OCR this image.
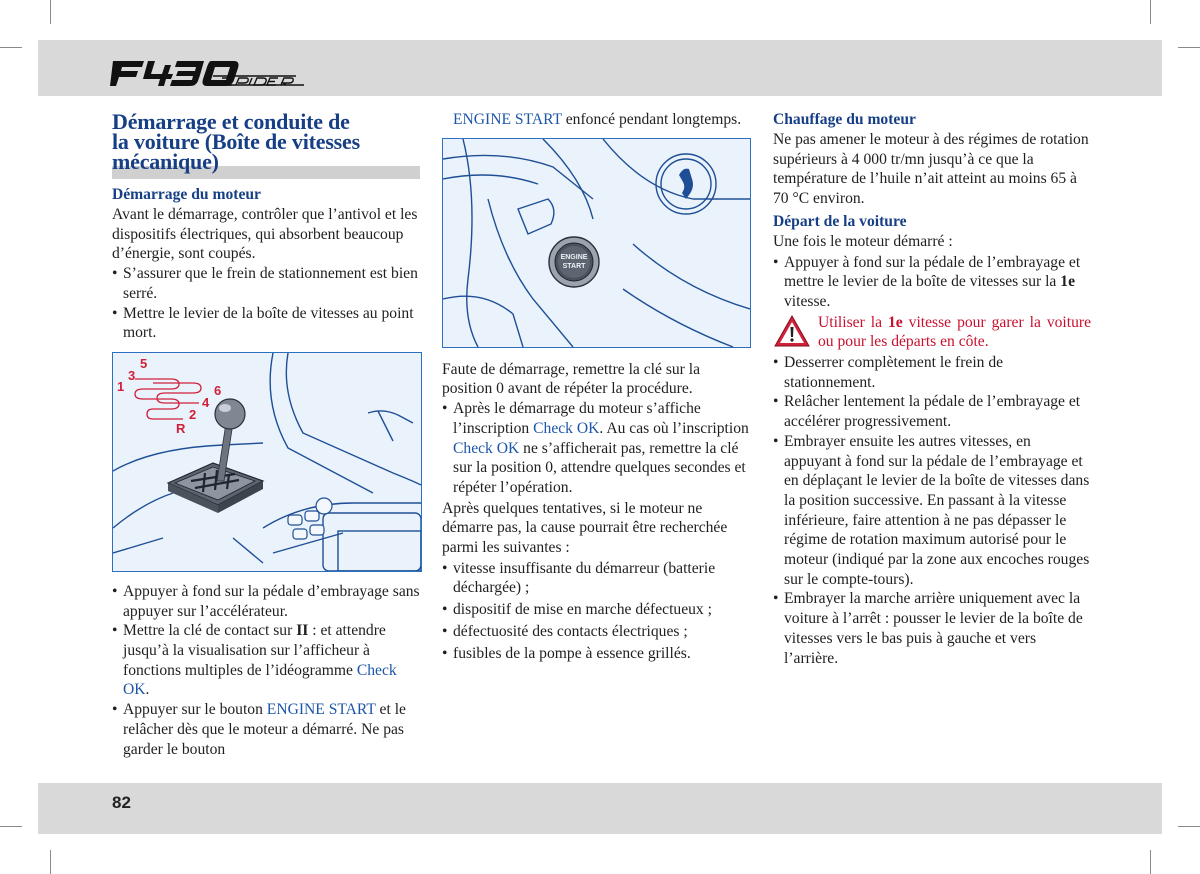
Démarrage et conduite de
la voiture (Boîte de vitesses
mécanique)

Démarrage du moteur

Avant le démarrage, contrôler que l’antivol et les dispositifs électriques, qui absorbent beaucoup d’énergie, sont coupés.

• S’assurer que le frein de stationnement est bien serré.
• Mettre le levier de la boîte de vitesses au point mort.
5
3
1	6
4
2
R
• Appuyer à fond sur la pédale d’embrayage sans appuyer sur l’accélérateur.
• Mettre la clé de contact sur II : et attendre jusqu’à la visualisation sur l’afficheur à fonctions multiples de l’idéogramme Check OK.
• Appuyer sur le bouton ENGINE START et le relâcher dès que le moteur a démarré. Ne pas garder le bouton

ENGINE START enfoncé pendant longtemps.

ENGINE
START

Faute de démarrage, remettre la clé sur la position 0 avant de répéter la procédure.

• Après le démarrage du moteur s’affiche l’inscription Check OK. Au cas où l’inscription Check OK ne s’afficherait pas, remettre la clé sur la position 0, attendre quelques secondes et répéter l’opération.

Après quelques tentatives, si le moteur ne démarre pas, la cause pourrait être recherchée parmi les suivantes :

• vitesse insuffisante du démarreur (batterie déchargée) ;
• dispositif de mise en marche défectueux ;
• défectuosité des contacts électriques ;
• fusibles de la pompe à essence grillés.

Chauffage du moteur

Ne pas amener le moteur à des régimes de rotation supérieurs à 4 000 tr/mn jusqu’à ce que la température de l’huile n’ait atteint au moins 65 à 70 °C environ.

Départ de la voiture

Une fois le moteur démarré :

• Appuyer à fond sur la pédale de l’embrayage et mettre le levier de la boîte de vitesses sur la 1e vitesse.
Utiliser la 1e vitesse pour garer la voiture ou pour les départs en côte.
• Desserrer complètement le frein de stationnement.
• Relâcher lentement la pédale de l’embrayage et accélérer progressivement.
• Embrayer ensuite les autres vitesses, en appuyant à fond sur la pédale de l’embrayage et en déplaçant le levier de la boîte de vitesses dans la position successive. En passant à la vitesse inférieure, faire attention à ne pas dépasser le régime de rotation maximum autorisé pour le moteur (indiqué par la zone aux encoches rouges sur le compte-tours).
• Embrayer la marche arrière uniquement avec la voiture à l’arrêt : pousser le levier de la boîte de vitesses vers le bas puis à gauche et vers l’arrière.
82
